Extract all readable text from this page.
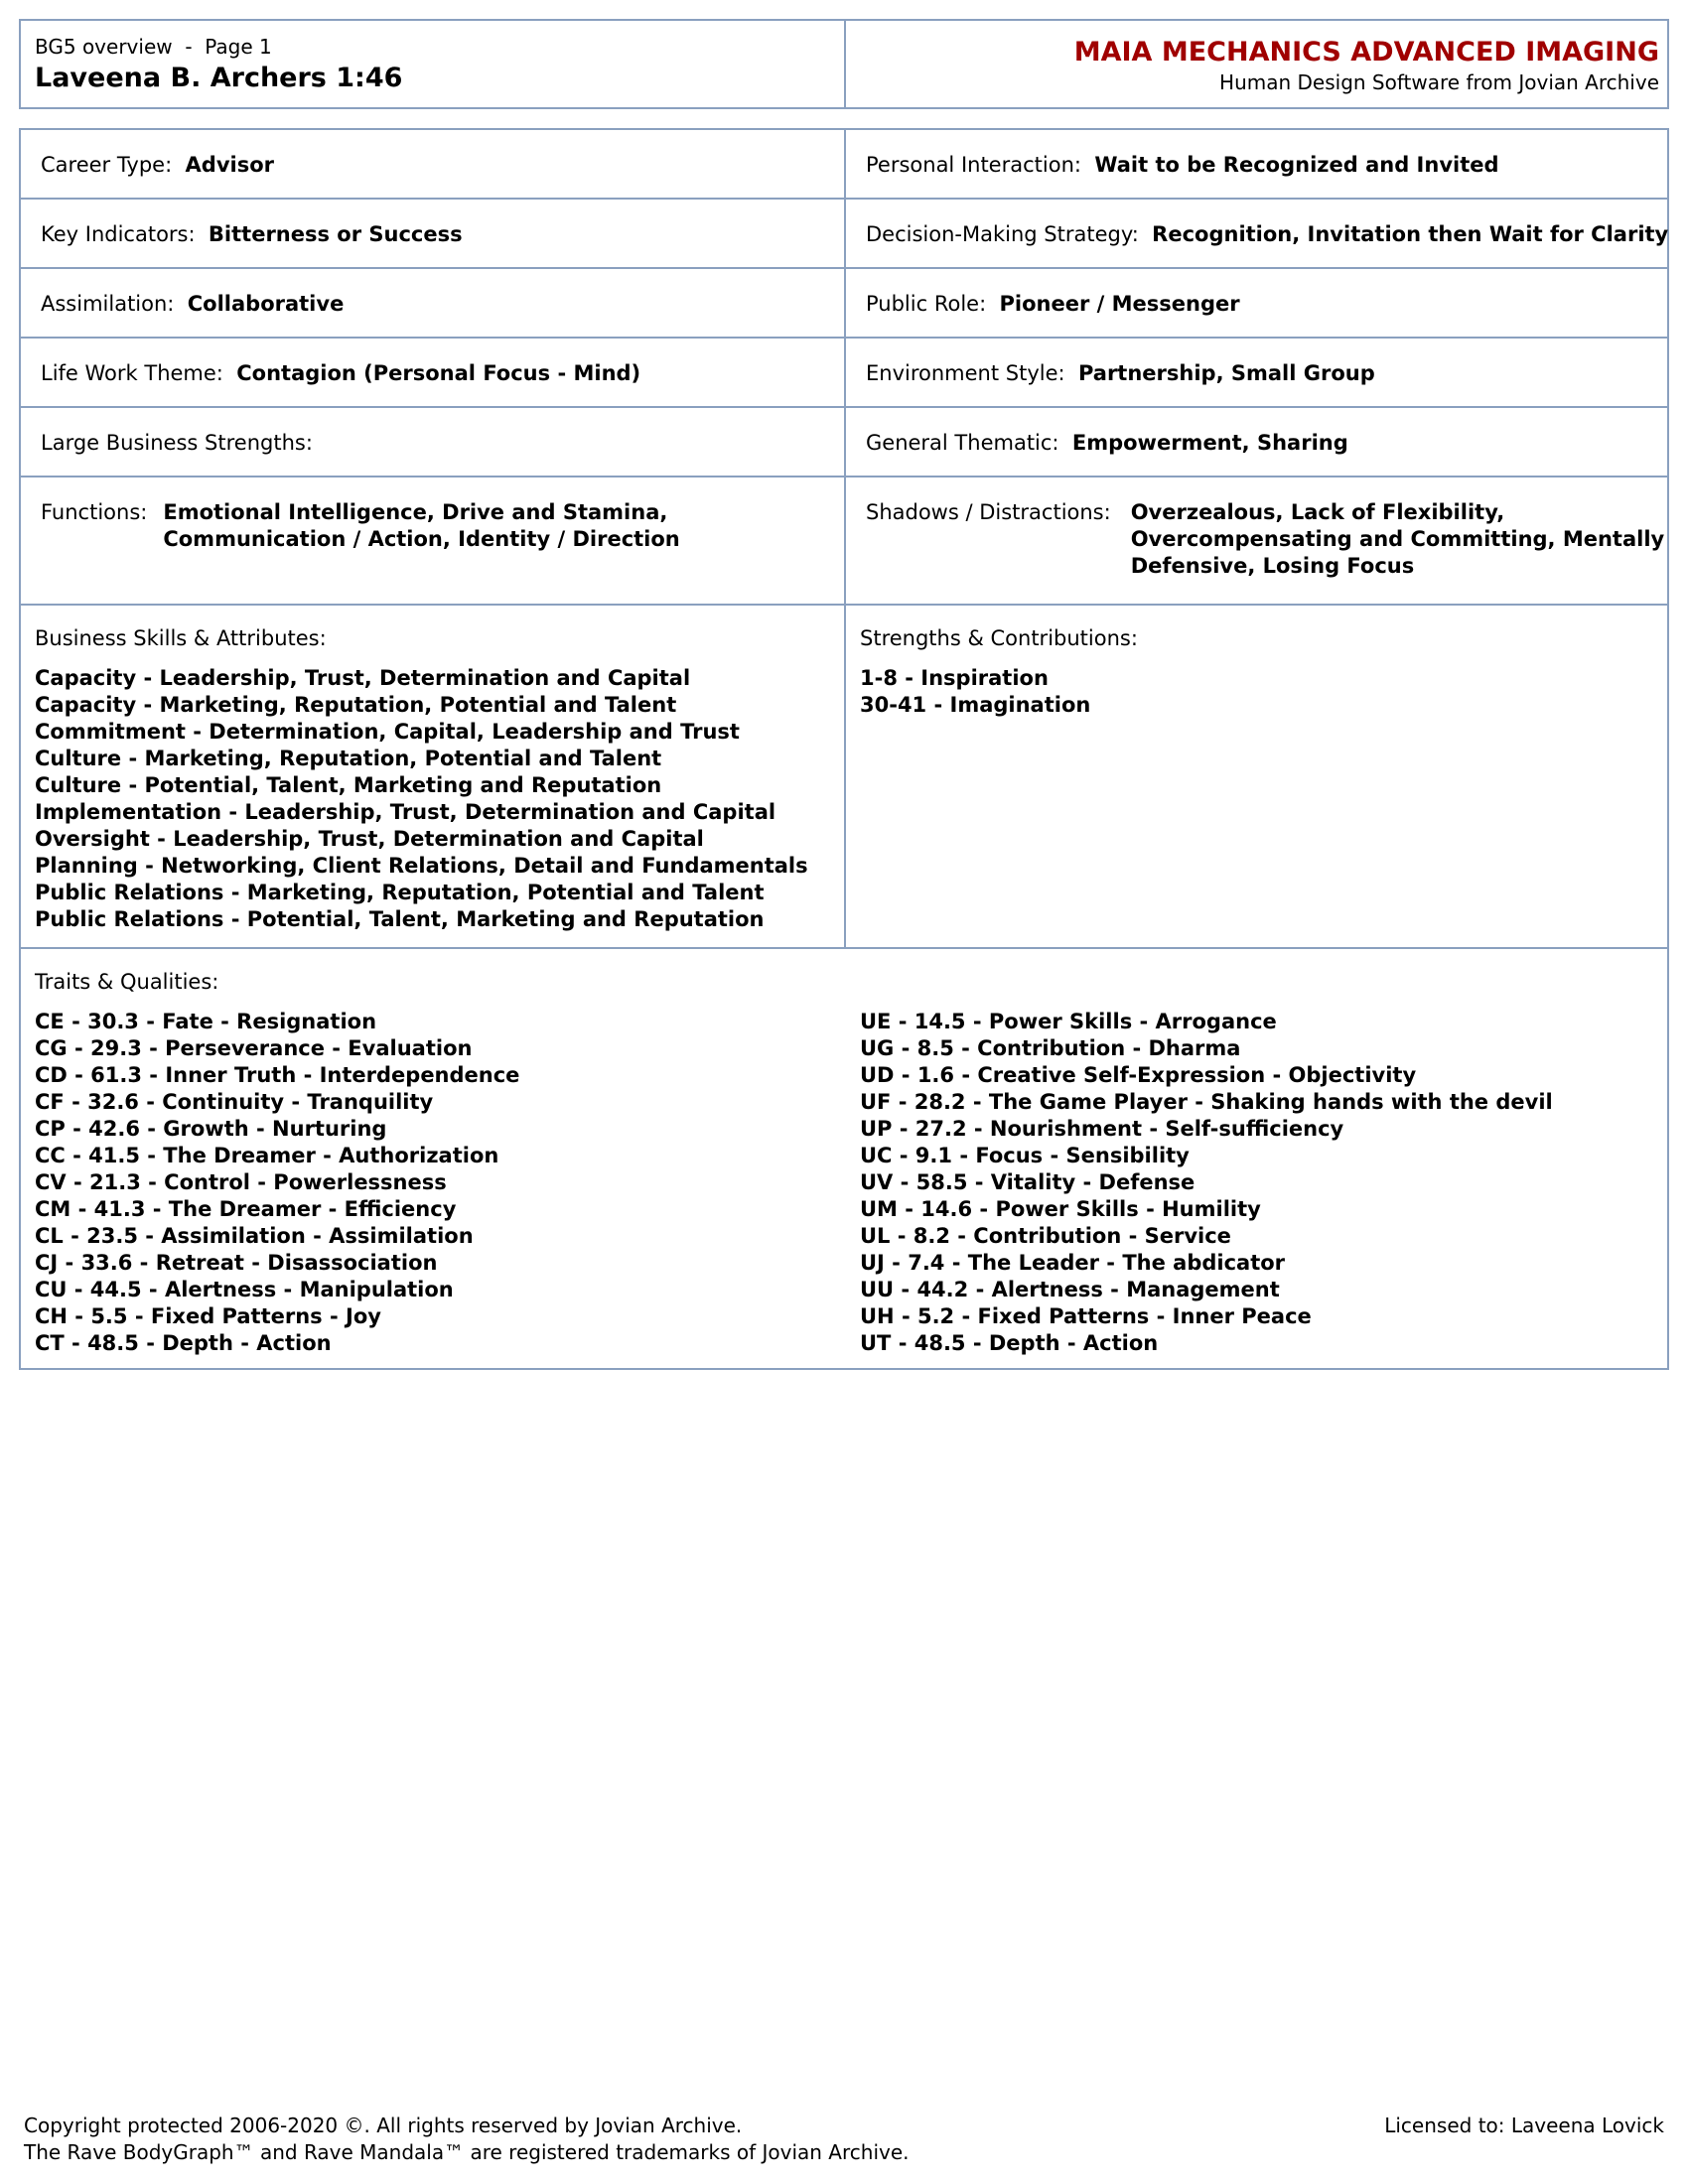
BG5 overview  -  Page 1
Laveena B. Archers 1:46
MAIA MECHANICS ADVANCED IMAGING
Human Design Software from Jovian Archive
Career Type: Advisor	Personal Interaction: Wait to be Recognized and Invited
Key Indicators: Bitterness or Success	Decision-Making Strategy: Recognition, Invitation then Wait for Clarity
Assimilation: Collaborative	Public Role: Pioneer / Messenger
Life Work Theme: Contagion (Personal Focus - Mind)	Environment Style: Partnership, Small Group
Large Business Strengths:	General Thematic: Empowerment, Sharing
Functions: Emotional Intelligence, Drive and Stamina, Communication / Action, Identity / Direction
Shadows / Distractions: Overzealous, Lack of Flexibility, Overcompensating and Committing, Mentally Defensive, Losing Focus
Business Skills & Attributes:
Capacity - Leadership, Trust, Determination and Capital
Capacity - Marketing, Reputation, Potential and Talent
Commitment - Determination, Capital, Leadership and Trust
Culture - Marketing, Reputation, Potential and Talent
Culture - Potential, Talent, Marketing and Reputation
Implementation - Leadership, Trust, Determination and Capital
Oversight - Leadership, Trust, Determination and Capital
Planning - Networking, Client Relations, Detail and Fundamentals
Public Relations - Marketing, Reputation, Potential and Talent
Public Relations - Potential, Talent, Marketing and Reputation
Strengths & Contributions:
1-8 - Inspiration
30-41 - Imagination
Traits & Qualities:
CE - 30.3 - Fate - Resignation
CG - 29.3 - Perseverance - Evaluation
CD - 61.3 - Inner Truth - Interdependence
CF - 32.6 - Continuity - Tranquility
CP - 42.6 - Growth - Nurturing
CC - 41.5 - The Dreamer - Authorization
CV - 21.3 - Control - Powerlessness
CM - 41.3 - The Dreamer - Efficiency
CL - 23.5 - Assimilation - Assimilation
CJ - 33.6 - Retreat - Disassociation
CU - 44.5 - Alertness - Manipulation
CH - 5.5 - Fixed Patterns - Joy
CT - 48.5 - Depth - Action
UE - 14.5 - Power Skills - Arrogance
UG - 8.5 - Contribution - Dharma
UD - 1.6 - Creative Self-Expression - Objectivity
UF - 28.2 - The Game Player - Shaking hands with the devil
UP - 27.2 - Nourishment - Self-sufficiency
UC - 9.1 - Focus - Sensibility
UV - 58.5 - Vitality - Defense
UM - 14.6 - Power Skills - Humility
UL - 8.2 - Contribution - Service
UJ - 7.4 - The Leader - The abdicator
UU - 44.2 - Alertness - Management
UH - 5.2 - Fixed Patterns - Inner Peace
UT - 48.5 - Depth - Action
Copyright protected 2006-2020 ©. All rights reserved by Jovian Archive.
The Rave BodyGraph™ and Rave Mandala™ are registered trademarks of Jovian Archive.
Licensed to: Laveena Lovick
